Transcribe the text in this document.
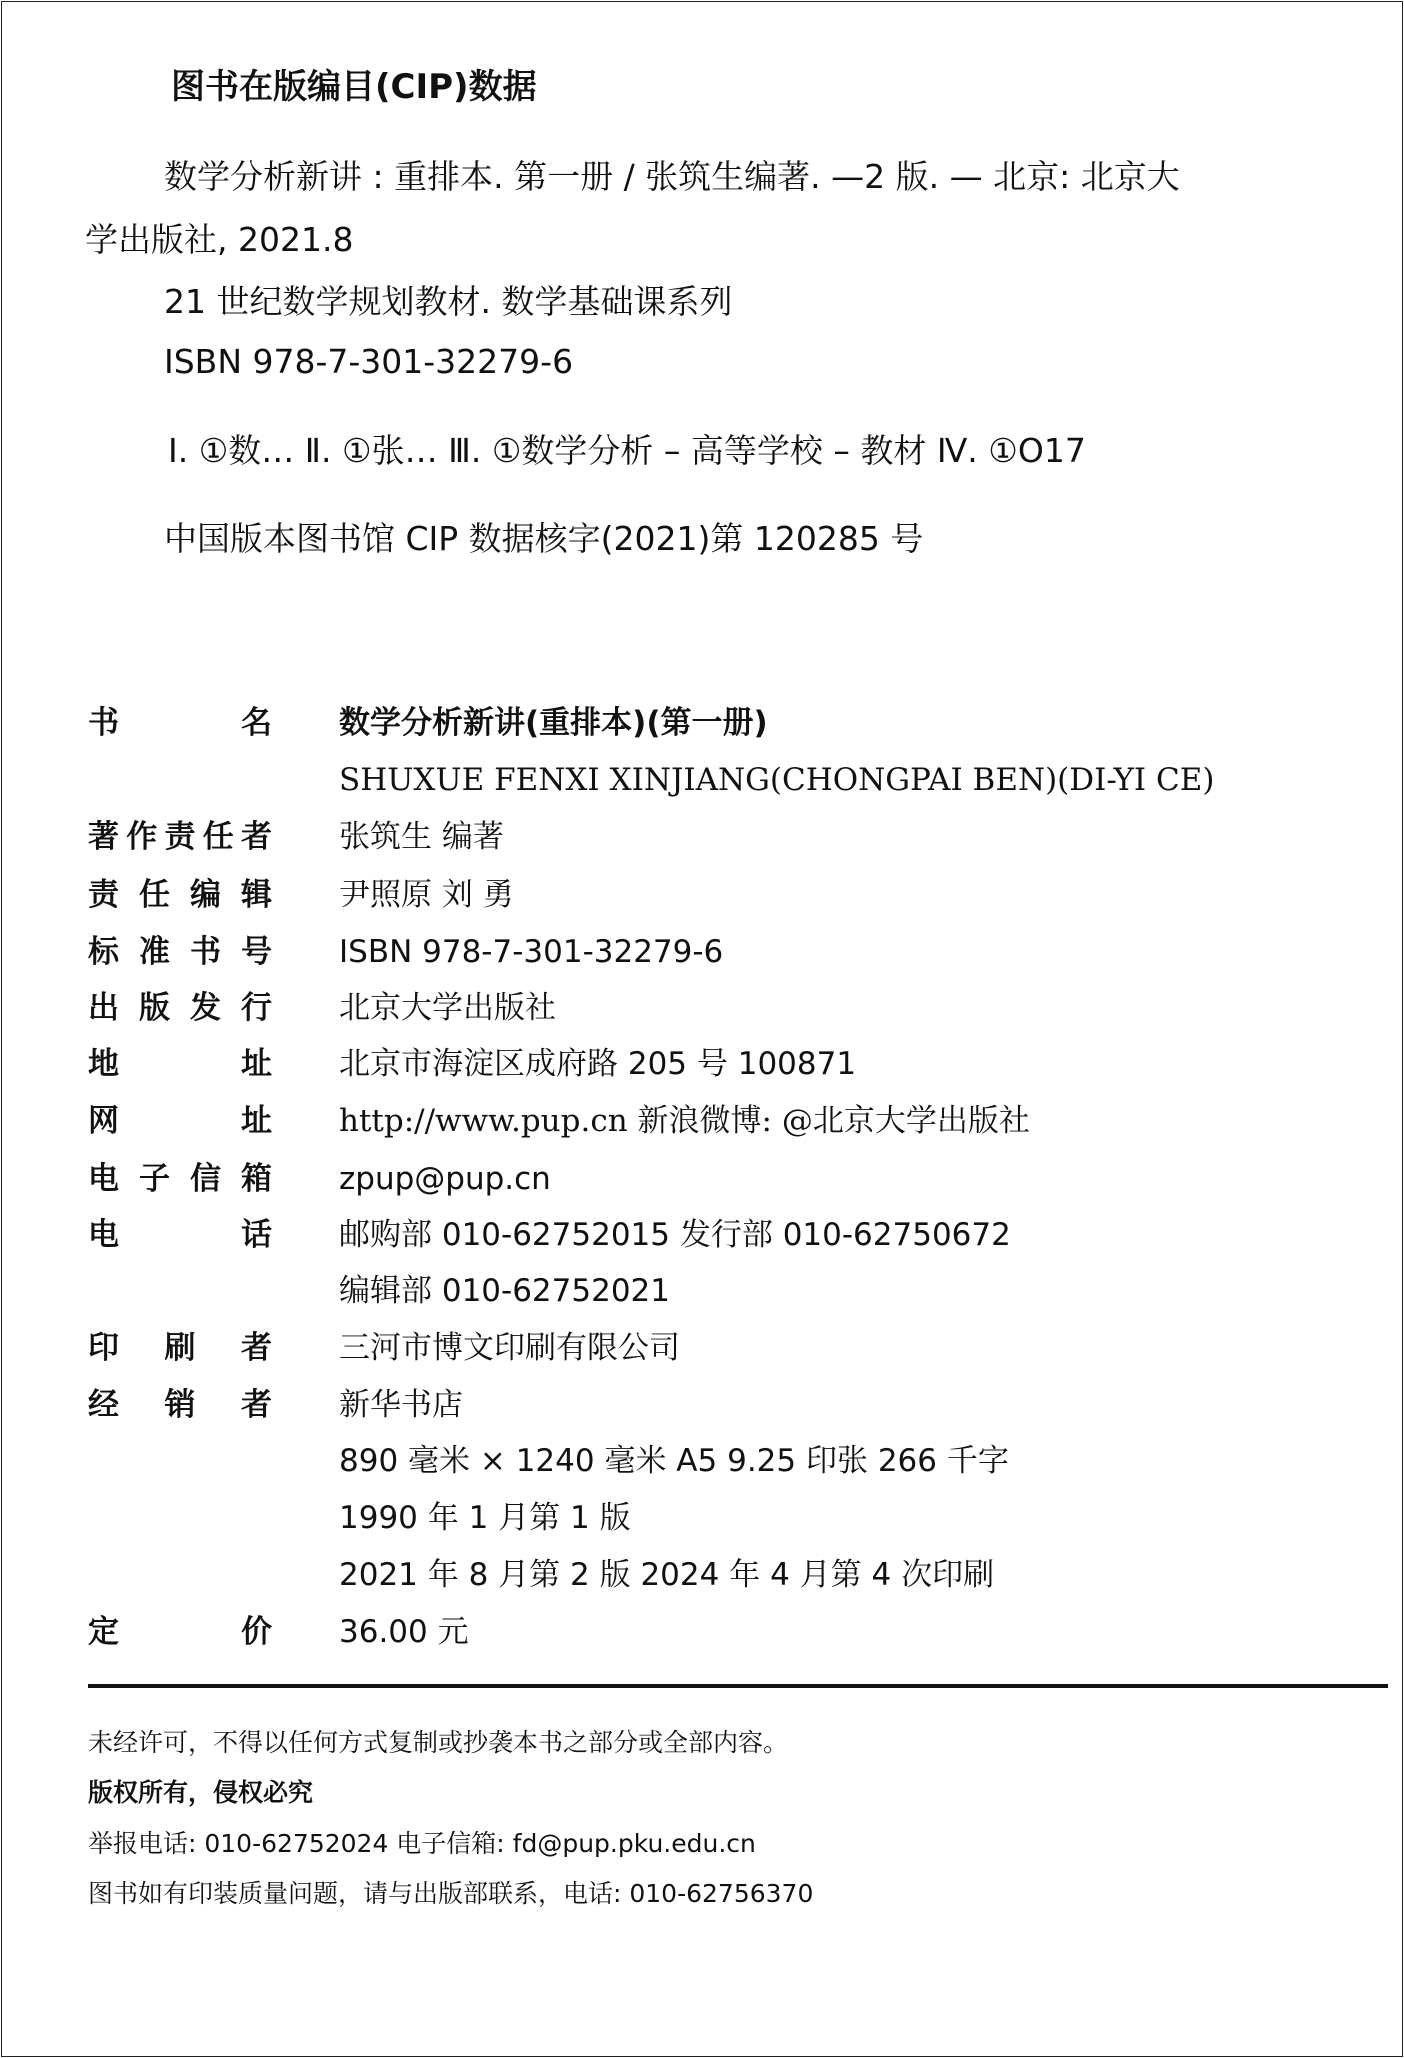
图书在版编目(CIP)数据
数学分析新讲 : 重排本. 第一册 / 张筑生编著. —2 版. — 北京: 北京大
学出版社, 2021.8
21 世纪数学规划教材. 数学基础课系列
ISBN 978-7-301-32279-6
Ⅰ. ①数… Ⅱ. ①张… Ⅲ. ①数学分析 – 高等学校 – 教材 Ⅳ. ①O17
中国版本图书馆 CIP 数据核字(2021)第 120285 号
书名 数学分析新讲(重排本)(第一册)
SHUXUE FENXI XINJIANG(CHONGPAI BEN)(DI-YI CE)
著作责任者 张筑生 编著
责任编辑 尹照原 刘 勇
标准书号 ISBN 978-7-301-32279-6
出版发行 北京大学出版社
地址 北京市海淀区成府路 205 号 100871
网址 http://www.pup.cn 新浪微博: @北京大学出版社
电子信箱 zpup@pup.cn
电话 邮购部 010-62752015 发行部 010-62750672
编辑部 010-62752021
印刷者 三河市博文印刷有限公司
经销者 新华书店
890 毫米 × 1240 毫米 A5 9.25 印张 266 千字
1990 年 1 月第 1 版
2021 年 8 月第 2 版 2024 年 4 月第 4 次印刷
定价 36.00 元
未经许可，不得以任何方式复制或抄袭本书之部分或全部内容。
版权所有，侵权必究
举报电话: 010-62752024 电子信箱: fd@pup.pku.edu.cn
图书如有印装质量问题，请与出版部联系，电话: 010-62756370
